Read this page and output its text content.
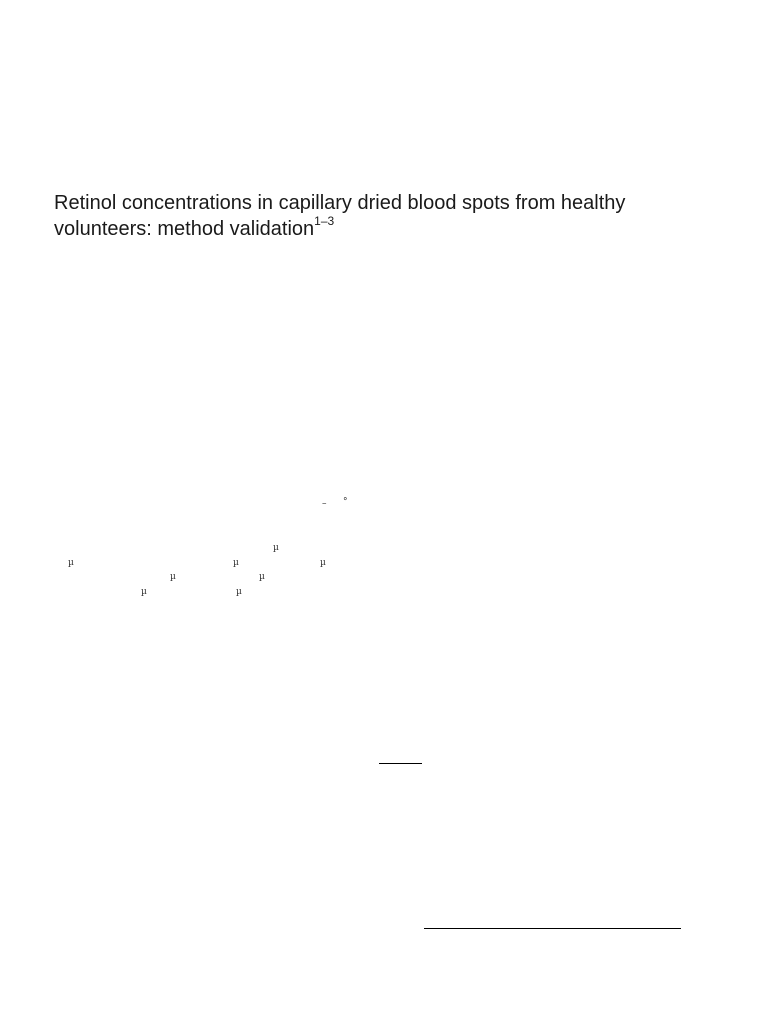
Retinol concentrations in capillary dried blood spots from healthy volunteers: method validation$^{1-3}$
– °
µ
µ	µ	µ
µ	µ
µ	µ
